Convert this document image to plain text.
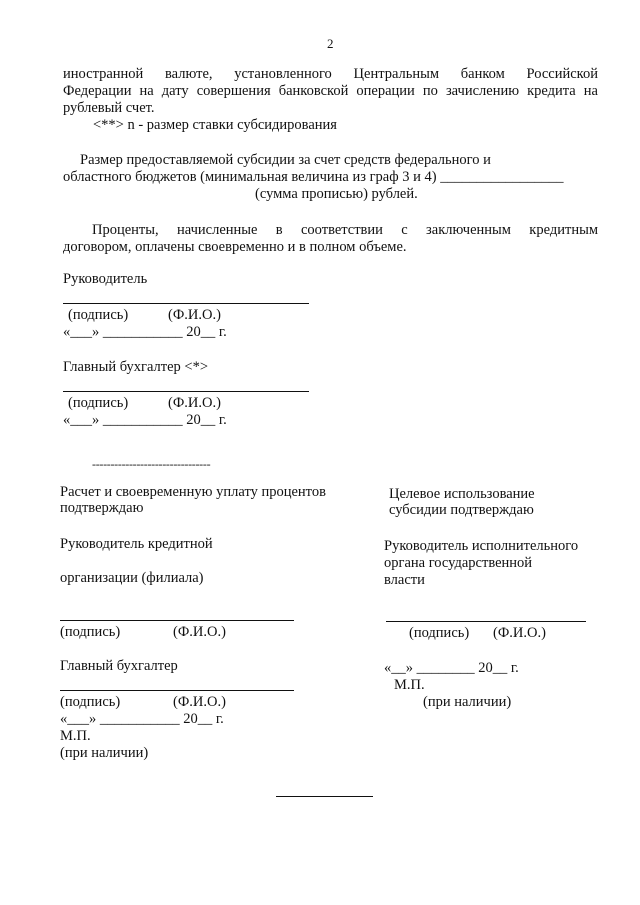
2
иностранной валюте, установленного Центральным банком Российской
Федерации на дату совершения банковской операции по зачислению кредита на
рублевый счет.
<**> n - размер ставки субсидирования
Размер предоставляемой субсидии за счет средств федерального и
областного бюджетов (минимальная величина из граф 3 и 4) _________________
(сумма прописью) рублей.
Проценты, начисленные в соответствии с заключенным кредитным
договором, оплачены своевременно и в полном объеме.
Руководитель
(подпись)	(Ф.И.О.)
«___» ___________ 20__ г.
Главный бухгалтер <*>
(подпись)	(Ф.И.О.)
«___» ___________ 20__ г.
--------------------------------
Расчет и своевременную уплату процентов
подтверждаю
Руководитель кредитной
организации (филиала)
(подпись)	(Ф.И.О.)
Главный бухгалтер
(подпись)	(Ф.И.О.)
«___» ___________ 20__ г.
М.П.
(при наличии)
Целевое использование
субсидии подтверждаю
Руководитель исполнительного
органа государственной
власти
(подпись) (Ф.И.О.)
«__» ________ 20__ г.
М.П.
(при наличии)
